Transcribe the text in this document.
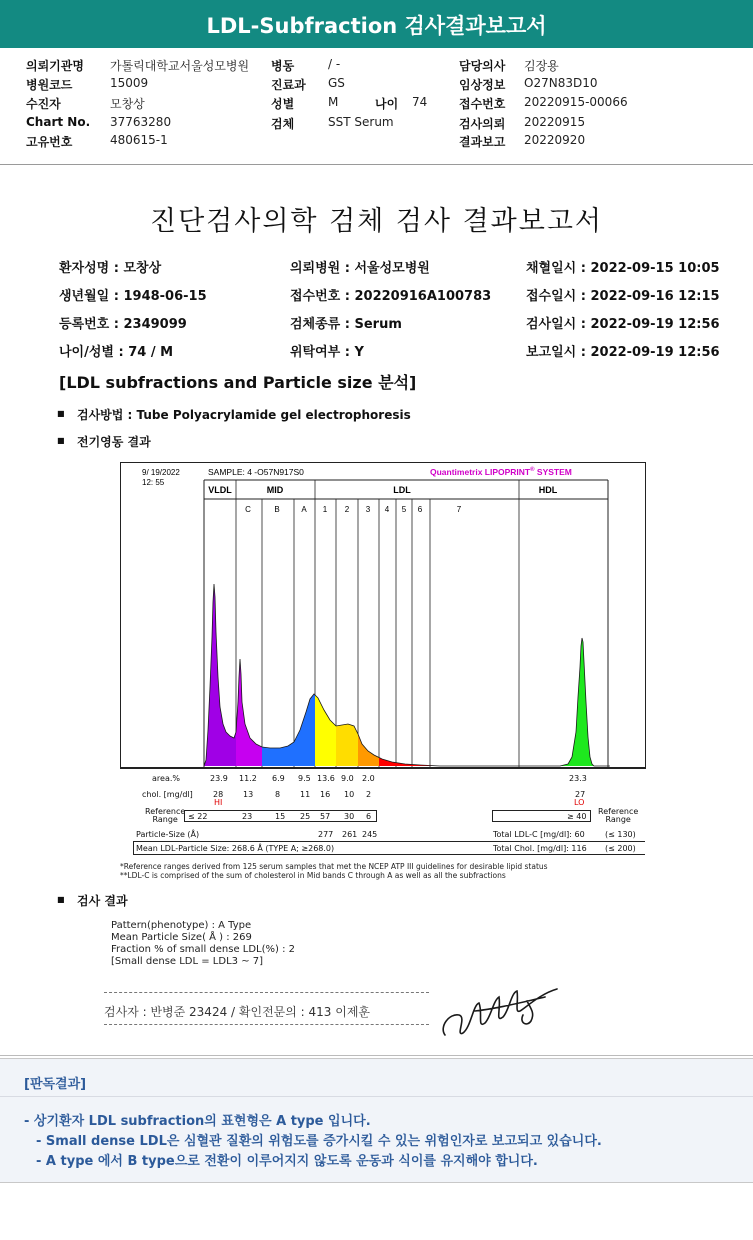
LDL-Subfraction 검사결과보고서
의뢰기관명 가톨릭대학교서울성모병원 병동	/ -	담당의사 김장용
병원코드	15009	진료과 GS	임상정보 O27N83D10
수진자	모창상	성별	M	나이 74	접수번호 20220915-00066
Chart No. 37763280	검체	SST Serum	검사의뢰 20220915
고유번호	480615-1	결과보고 20220920
진단검사의학 검체 검사 결과보고서
환자성명 : 모창상	의뢰병원 : 서울성모병원	채혈일시 : 2022-09-15 10:05
생년월일 : 1948-06-15	접수번호 : 20220916A100783	접수일시 : 2022-09-16 12:15
등록번호 : 2349099	검체종류 : Serum	검사일시 : 2022-09-19 12:56
나이/성별 : 74 / M	위탁여부 : Y	보고일시 : 2022-09-19 12:56
[LDL subfractions and Particle size 분석]
■ 검사방법 : Tube Polyacrylamide gel electrophoresis
■ 전기영동 결과
9/ 19/2022
12: 55
SAMPLE: 4 -O57N917S0	Quantimetrix LIPOPRINT® SYSTEM
VLDL	MID	LDL	HDL
C	B	A 1 2 3 4 5 6	7
area.%	23.9 11.2 6.9 9.5 13.6 9.0 2.0	23.3
chol. [mg/dl]	28 13	8 11 16 10 2	27
HI	LO
Reference
Range	≤ 22	23	15 25 57 30 6	≥ 40
Reference
Range
Particle-Size (Å)	277 261 245	Total LDL-C [mg/dl]: 60	(≤ 130)
Mean LDL-Particle Size: 268.6 Å (TYPE A; ≥268.0)	Total Chol. [mg/dl]: 116 (≤ 200)
*Reference ranges derived from 125 serum samples that met the NCEP ATP III guidelines for desirable lipid status
**LDL-C is comprised of the sum of cholesterol in Mid bands C through A as well as all the subfractions
■ 검사 결과
Pattern(phenotype) : A Type
Mean Particle Size( Å ) : 269
Fraction % of small dense LDL(%) : 2
[Small dense LDL = LDL3 ~ 7]
검사자 : 반병준 23424 / 확인전문의 : 413 이제훈
[판독결과]
- 상기환자 LDL subfraction의 표현형은 A type 입니다.
- Small dense LDL은 심혈관 질환의 위험도를 증가시킬 수 있는 위험인자로 보고되고 있습니다.
- A type 에서 B type으로 전환이 이루어지지 않도록 운동과 식이를 유지해야 합니다.
